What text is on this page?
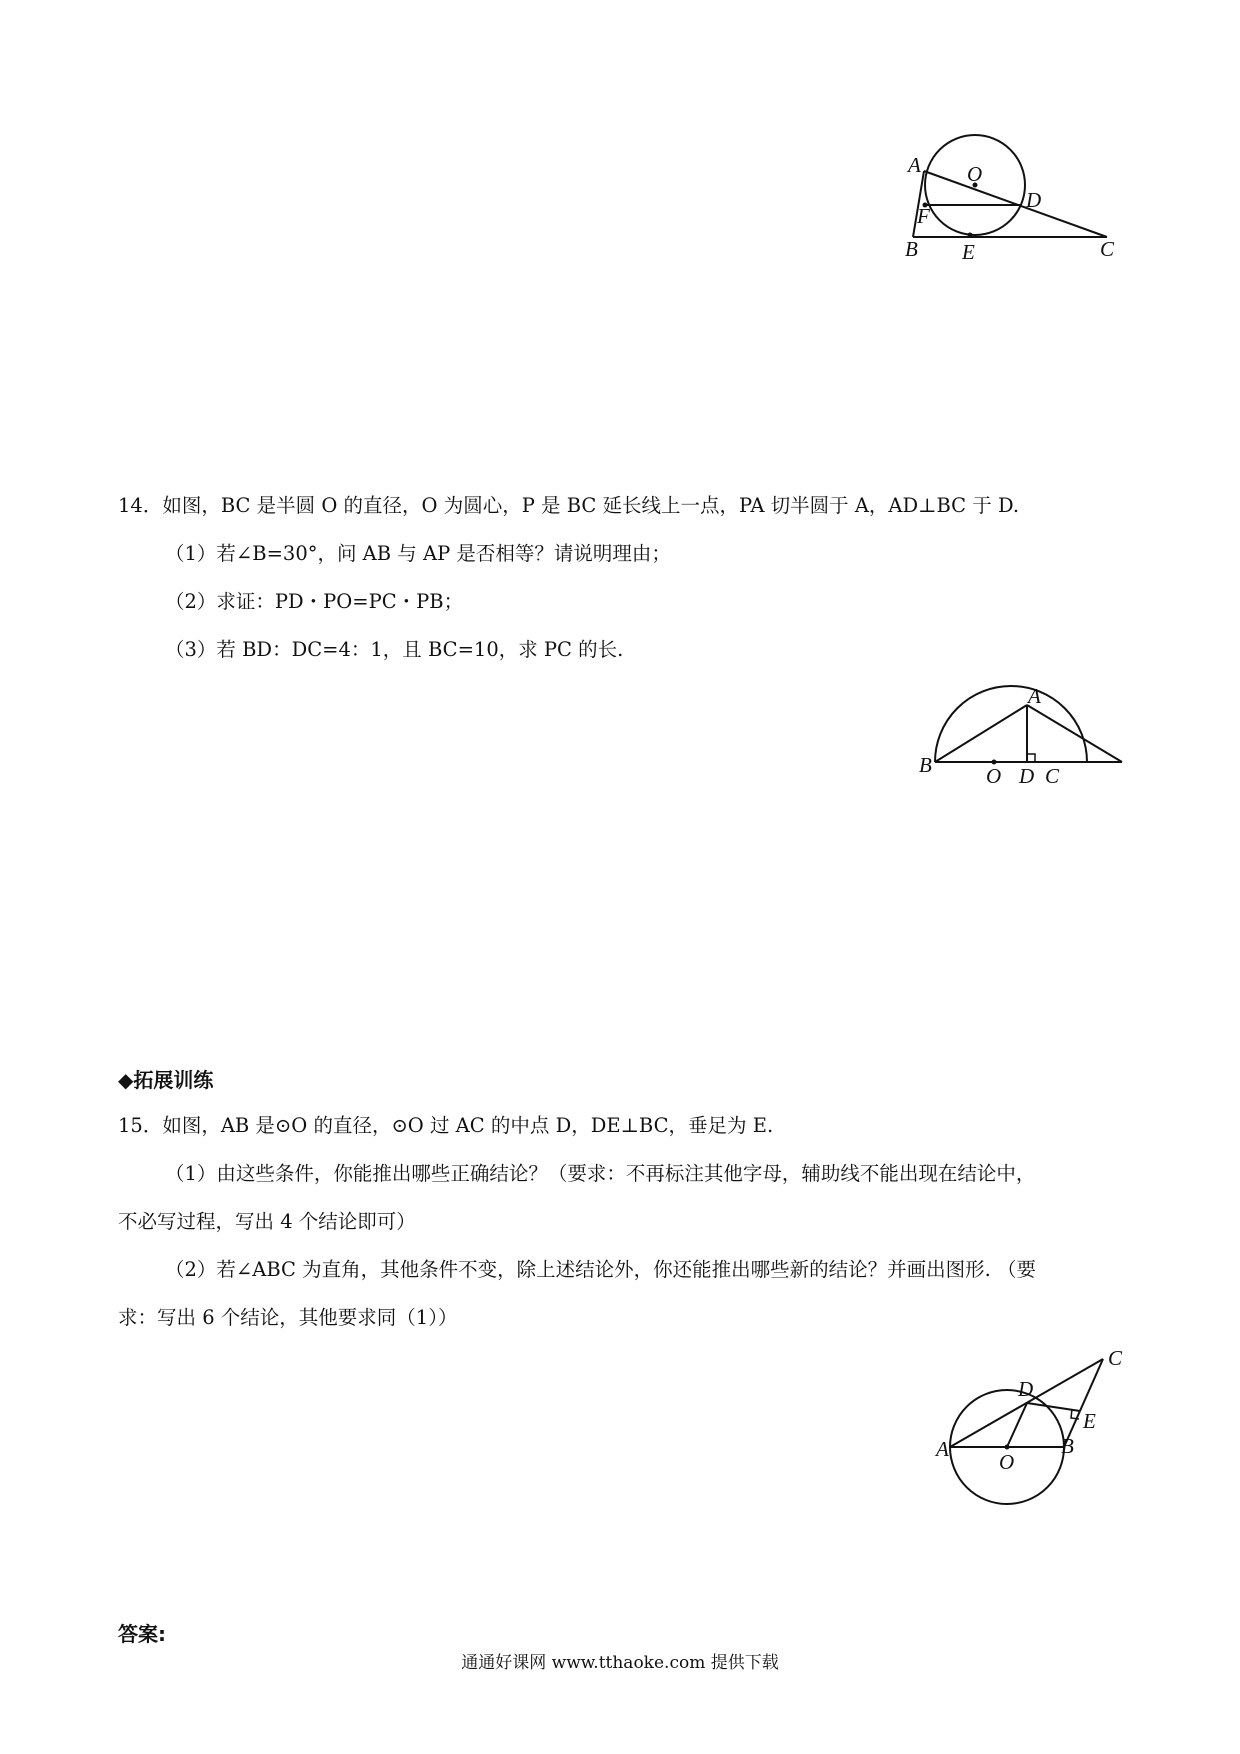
A O
D
F
B E	C
14．如图，BC 是半圆 O 的直径，O 为圆心，P 是 BC 延长线上一点，PA 切半圆于 A，AD⊥BC 于 D.
（1）若∠B=30°，问 AB 与 AP 是否相等？请说明理由；
（2）求证：PD・PO=PC・PB；
（3）若 BD：DC=4：1，且 BC=10，求 PC 的长.
A
B	O D C
◆拓展训练
15．如图，AB 是⊙O 的直径，⊙O 过 AC 的中点 D，DE⊥BC，垂足为 E.
（1）由这些条件，你能推出哪些正确结论？（要求：不再标注其他字母，辅助线不能出现在结论中，
不必写过程，写出 4 个结论即可）
（2）若∠ABC 为直角，其他条件不变，除上述结论外，你还能推出哪些新的结论？并画出图形. （要
求：写出 6 个结论，其他要求同（1））
C
D
E
A
O
B
答案:
通通好课网 www.tthaoke.com 提供下载
